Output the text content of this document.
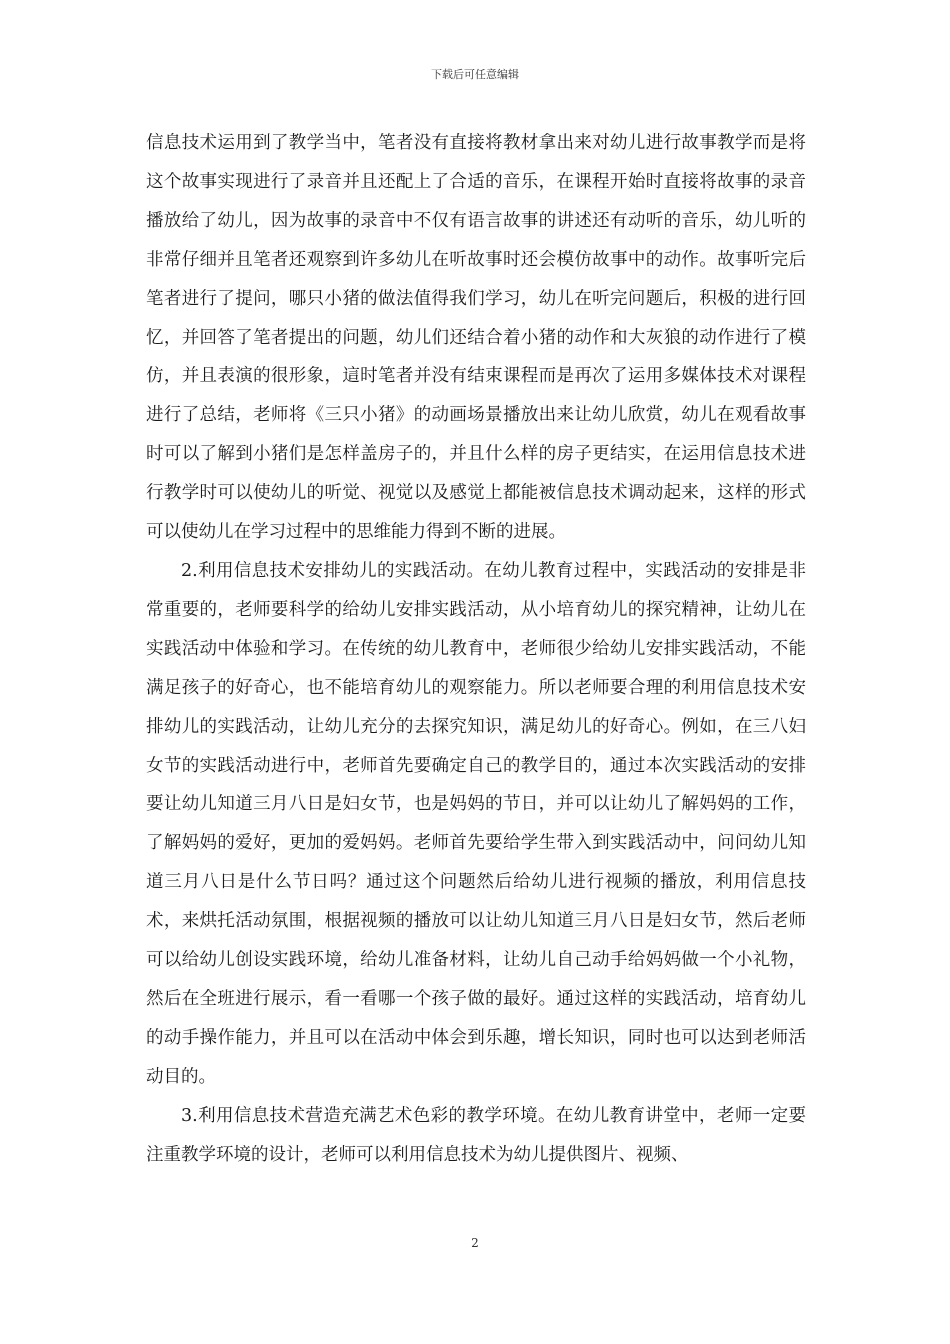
下载后可任意编辑

信息技术运用到了教学当中，笔者没有直接将教材拿出来对幼儿进行故事教学而是将这个故事实现进行了录音并且还配上了合适的音乐，在课程开始时直接将故事的录音播放给了幼儿，因为故事的录音中不仅有语言故事的讲述还有动听的音乐，幼儿听的非常仔细并且笔者还观察到许多幼儿在听故事时还会模仿故事中的动作。故事听完后笔者进行了提问，哪只小猪的做法值得我们学习，幼儿在听完问题后，积极的进行回忆，并回答了笔者提出的问题，幼儿们还结合着小猪的动作和大灰狼的动作进行了模仿，并且表演的很形象，這时笔者并没有结束课程而是再次了运用多媒体技术对课程进行了总结，老师将《三只小猪》的动画场景播放出来让幼儿欣赏，幼儿在观看故事时可以了解到小猪们是怎样盖房子的，并且什么样的房子更结实，在运用信息技术进行教学时可以使幼儿的听觉、视觉以及感觉上都能被信息技术调动起来，这样的形式可以使幼儿在学习过程中的思维能力得到不断的进展。

2.利用信息技术安排幼儿的实践活动。在幼儿教育过程中，实践活动的安排是非常重要的，老师要科学的给幼儿安排实践活动，从小培育幼儿的探究精神，让幼儿在实践活动中体验和学习。在传统的幼儿教育中，老师很少给幼儿安排实践活动，不能满足孩子的好奇心，也不能培育幼儿的观察能力。所以老师要合理的利用信息技术安排幼儿的实践活动，让幼儿充分的去探究知识，满足幼儿的好奇心。例如，在三八妇女节的实践活动进行中，老师首先要确定自己的教学目的，通过本次实践活动的安排要让幼儿知道三月八日是妇女节，也是妈妈的节日，并可以让幼儿了解妈妈的工作，了解妈妈的爱好，更加的爱妈妈。老师首先要给学生带入到实践活动中，问问幼儿知道三月八日是什么节日吗？通过这个问题然后给幼儿进行视频的播放，利用信息技术，来烘托活动氛围，根据视频的播放可以让幼儿知道三月八日是妇女节，然后老师可以给幼儿创设实践环境，给幼儿准备材料，让幼儿自己动手给妈妈做一个小礼物，然后在全班进行展示，看一看哪一个孩子做的最好。通过这样的实践活动，培育幼儿的动手操作能力，并且可以在活动中体会到乐趣，增长知识，同时也可以达到老师活动目的。

3.利用信息技术营造充满艺术色彩的教学环境。在幼儿教育讲堂中，老师一定要注重教学环境的设计，老师可以利用信息技术为幼儿提供图片、视频、

2
